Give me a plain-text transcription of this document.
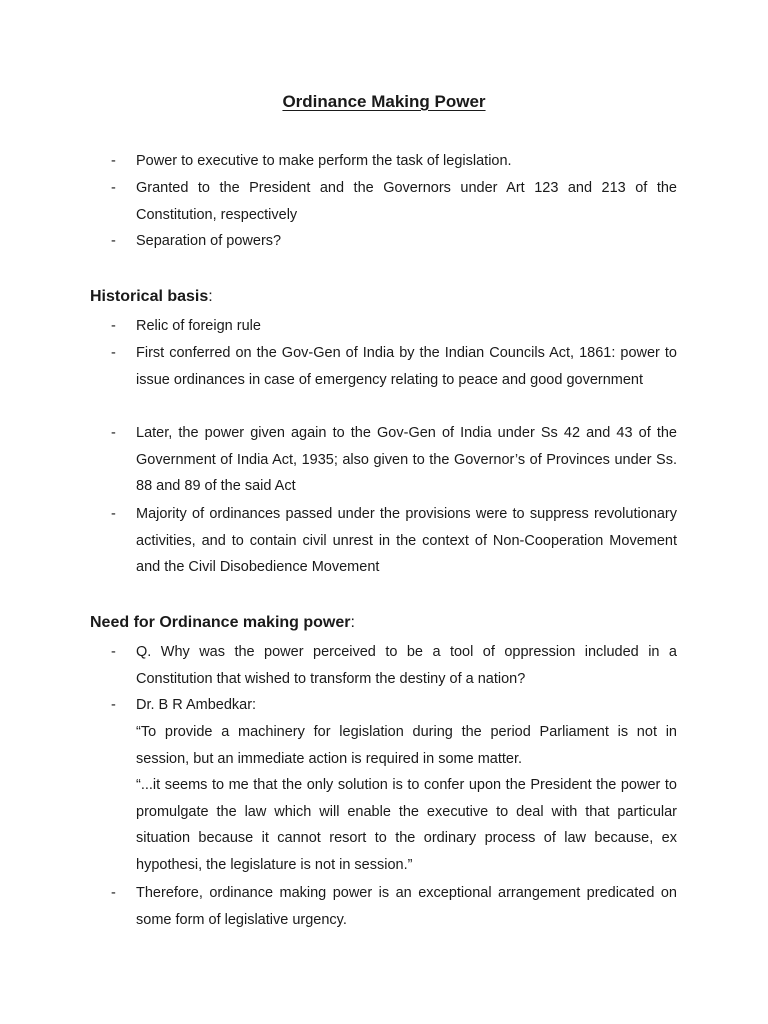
Ordinance Making Power
- Power to executive to make perform the task of legislation.
- Granted to the President and the Governors under Art 123 and 213 of the Constitution, respectively
- Separation of powers?
Historical basis:
- Relic of foreign rule
- First conferred on the Gov-Gen of India by the Indian Councils Act, 1861: power to issue ordinances in case of emergency relating to peace and good government
- Later, the power given again to the Gov-Gen of India under Ss 42 and 43 of the Government of India Act, 1935; also given to the Governor’s of Provinces under Ss. 88 and 89 of the said Act
- Majority of ordinances passed under the provisions were to suppress revolutionary activities, and to contain civil unrest in the context of Non-Cooperation Movement and the Civil Disobedience Movement
Need for Ordinance making power:
- Q. Why was the power perceived to be a tool of oppression included in a Constitution that wished to transform the destiny of a nation?
- Dr. B R Ambedkar:
“To provide a machinery for legislation during the period Parliament is not in session, but an immediate action is required in some matter.
“...it seems to me that the only solution is to confer upon the President the power to promulgate the law which will enable the executive to deal with that particular situation because it cannot resort to the ordinary process of law because, ex hypothesi, the legislature is not in session.”
- Therefore, ordinance making power is an exceptional arrangement predicated on some form of legislative urgency.
